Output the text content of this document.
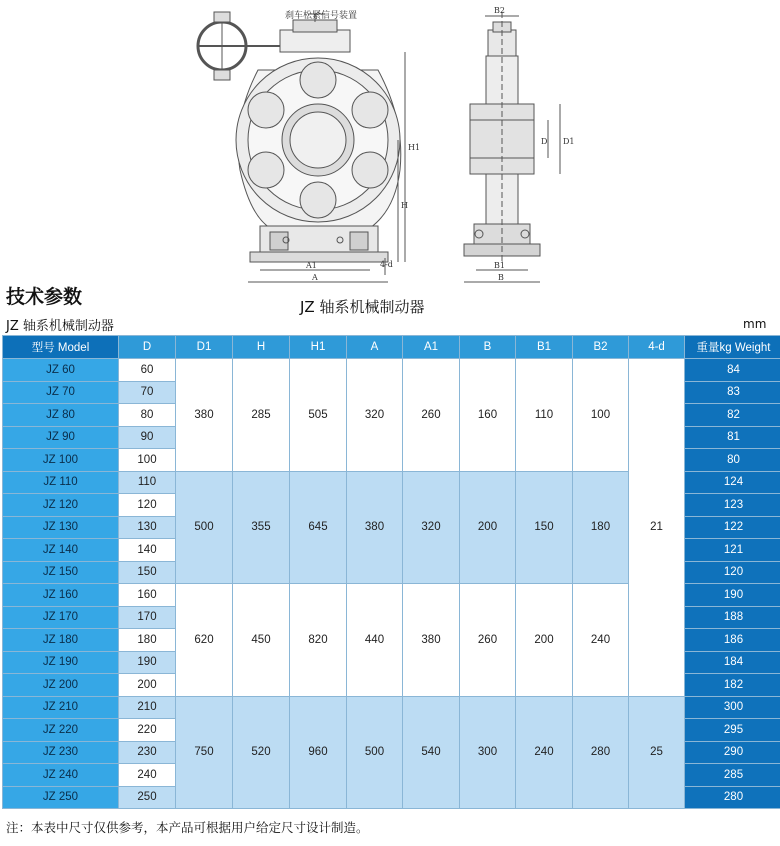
刹车松紧信号装置
H1
H
A1
A
4-d
B2
D D1
B1
B
技术参数	JZ 轴系机械制动器
JZ 轴系机械制动器	mm
型号 Model	D	D1	H	H1	A	A1	B	B1	B2	4-d	重量kg Weight
JZ 60	60	380	285	505	320	260	160	110	100	21	84
JZ 70	70										83
JZ 80	80										82
JZ 90	90										81
JZ 100	100										80
JZ 110	110	500	355	645	380	320	200	150	180		124
JZ 120	120										123
JZ 130	130										122
JZ 140	140										121
JZ 150	150										120
JZ 160	160	620	450	820	440	380	260	200	240		190
JZ 170	170										188
JZ 180	180										186
JZ 190	190										184
JZ 200	200										182
JZ 210	210	750	520	960	500	540	300	240	280	25	300
JZ 220	220										295
JZ 230	230										290
JZ 240	240										285
JZ 250	250										280
注：本表中尺寸仅供参考，本产品可根据用户给定尺寸设计制造。
